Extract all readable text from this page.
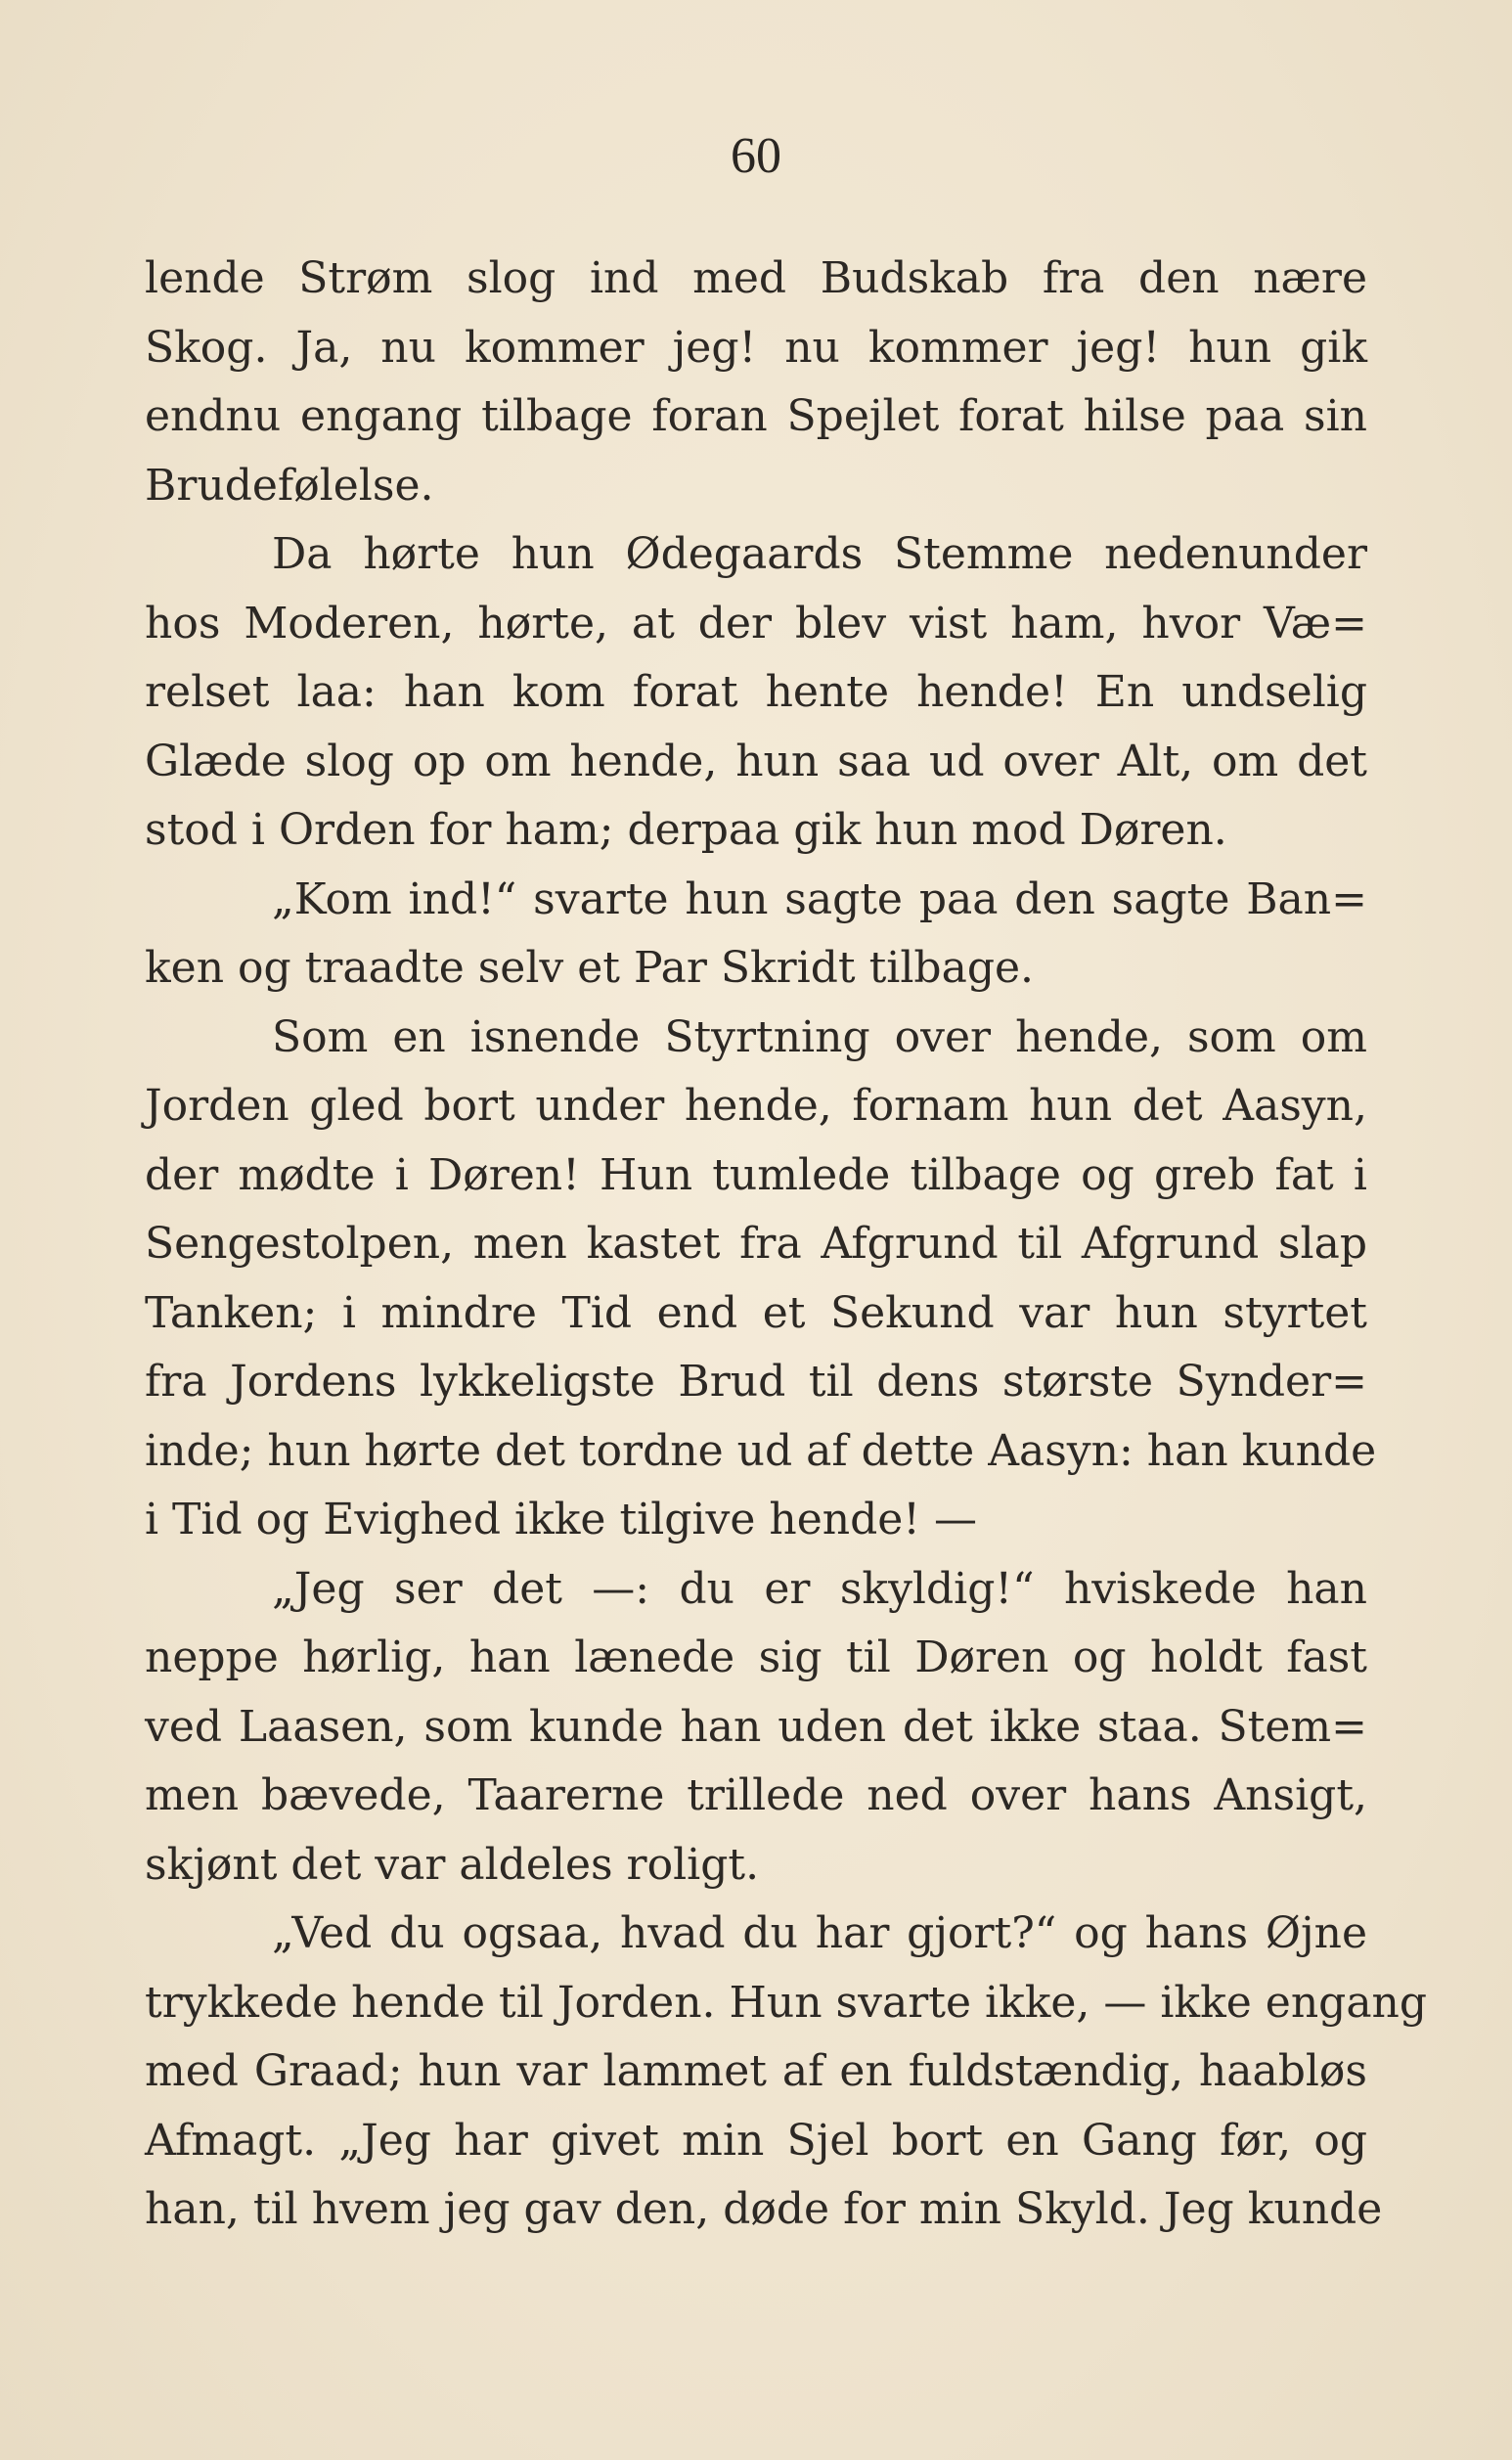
60
lende Strøm slog ind med Budskab fra den nære
Skog. Ja, nu kommer jeg! nu kommer jeg! hun gik
endnu engang tilbage foran Spejlet forat hilse paa sin
Brudefølelse.
Da hørte hun Ødegaards Stemme nedenunder
hos Moderen, hørte, at der blev vist ham, hvor Væ=
relset laa: han kom forat hente hende! En undselig
Glæde slog op om hende, hun saa ud over Alt, om det
stod i Orden for ham; derpaa gik hun mod Døren.
„Kom ind!“ svarte hun sagte paa den sagte Ban=
ken og traadte selv et Par Skridt tilbage.
Som en isnende Styrtning over hende, som om
Jorden gled bort under hende, fornam hun det Aasyn,
der mødte i Døren! Hun tumlede tilbage og greb fat i
Sengestolpen, men kastet fra Afgrund til Afgrund slap
Tanken; i mindre Tid end et Sekund var hun styrtet
fra Jordens lykkeligste Brud til dens største Synder=
inde; hun hørte det tordne ud af dette Aasyn: han kunde
i Tid og Evighed ikke tilgive hende! —
„Jeg ser det —: du er skyldig!“ hviskede han
neppe hørlig, han lænede sig til Døren og holdt fast
ved Laasen, som kunde han uden det ikke staa. Stem=
men bævede, Taarerne trillede ned over hans Ansigt,
skjønt det var aldeles roligt.
„Ved du ogsaa, hvad du har gjort?“ og hans Øjne
trykkede hende til Jorden. Hun svarte ikke, — ikke engang
med Graad; hun var lammet af en fuldstændig, haabløs
Afmagt. „Jeg har givet min Sjel bort en Gang før, og
han, til hvem jeg gav den, døde for min Skyld. Jeg kunde
